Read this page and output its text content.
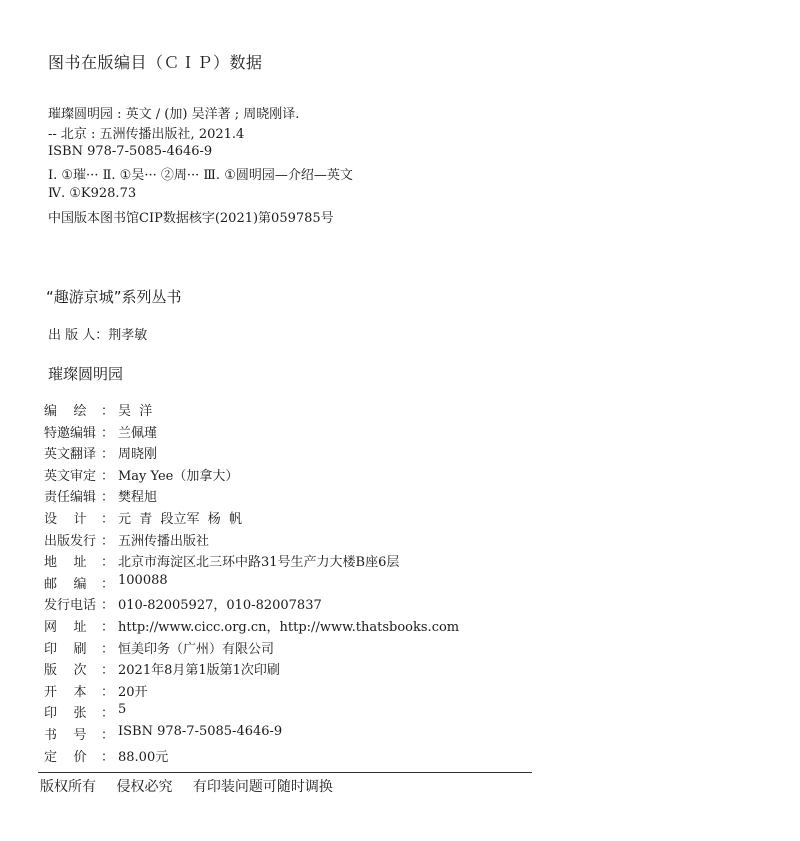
图书在版编目（ＣＩＰ）数据
璀璨圆明园 : 英文 / (加) 吴洋著 ; 周晓刚译.
-- 北京 : 五洲传播出版社, 2021.4
ISBN 978-7-5085-4646-9
Ⅰ. ①璀··· Ⅱ. ①吴··· ②周··· Ⅲ. ①圆明园—介绍—英文
Ⅳ. ①K928.73
中国版本图书馆CIP数据核字(2021)第059785号
“趣游京城”系列丛书
出 版 人：荆孝敏
璀璨圆明园
编    绘 ： 吴  洋
特邀编辑 ： 兰佩瑾
英文翻译 ： 周晓刚
英文审定 ： May Yee（加拿大）
责任编辑 ： 樊程旭
设    计 ： 元  青  段立军  杨  帆
出版发行 ： 五洲传播出版社
地    址 ： 北京市海淀区北三环中路31号生产力大楼B座6层
邮    编 ： 100088
发行电话 ： 010-82005927，010-82007837
网    址 ： http://www.cicc.org.cn，http://www.thatsbooks.com
印    刷 ： 恒美印务（广州）有限公司
版    次 ： 2021年8月第1版第1次印刷
开    本 ： 20开
印    张 ： 5
书    号 ： ISBN 978-7-5085-4646-9
定    价 ： 88.00元
版权所有 侵权必究 有印装问题可随时调换
